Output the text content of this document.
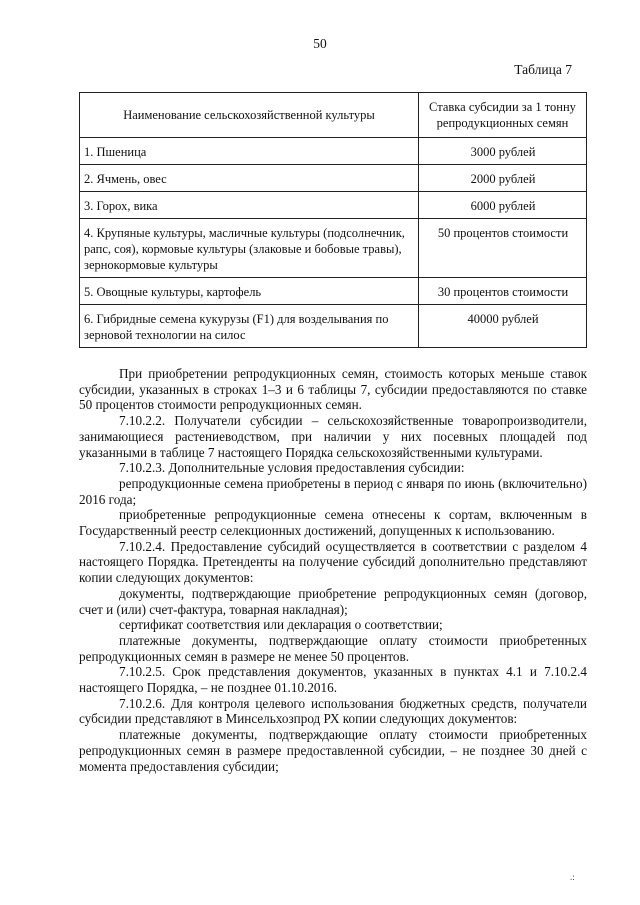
50
Таблица 7
Наименование сельскохозяйственной культуры	Ставка субсидии за 1 тонну репродукционных семян
1. Пшеница	3000 рублей
2. Ячмень, овес	2000 рублей
3. Горох, вика	6000 рублей
4. Крупяные культуры, масличные культуры (подсолнечник, рапс, соя), кормовые культуры (злаковые и бобовые травы), зернокормовые культуры	50 процентов стоимости
5. Овощные культуры, картофель	30 процентов стоимости
6. Гибридные семена кукурузы (F1) для возделывания по зерновой технологии на силос	40000 рублей

При приобретении репродукционных семян, стоимость которых меньше ставок субсидии, указанных в строках 1–3 и 6 таблицы 7, субсидии предоставляются по ставке 50 процентов стоимости репродукционных семян.

7.10.2.2. Получатели субсидии – сельскохозяйственные товаропроизводители, занимающиеся растениеводством, при наличии у них посевных площадей под указанными в таблице 7 настоящего Порядка сельскохозяйственными культурами.

7.10.2.3. Дополнительные условия предоставления субсидии:

репродукционные семена приобретены в период с января по июнь (включительно) 2016 года;

приобретенные репродукционные семена отнесены к сортам, включенным в Государственный реестр селекционных достижений, допущенных к использованию.

7.10.2.4. Предоставление субсидий осуществляется в соответствии с разделом 4 настоящего Порядка. Претенденты на получение субсидий дополнительно представляют копии следующих документов:

документы, подтверждающие приобретение репродукционных семян (договор, счет и (или) счет-фактура, товарная накладная);

сертификат соответствия или декларация о соответствии;

платежные документы, подтверждающие оплату стоимости приобретенных репродукционных семян в размере не менее 50 процентов.

7.10.2.5. Срок представления документов, указанных в пунктах 4.1 и 7.10.2.4 настоящего Порядка, – не позднее 01.10.2016.

7.10.2.6. Для контроля целевого использования бюджетных средств, получатели субсидии представляют в Минсельхозпрод РХ копии следующих документов:

платежные документы, подтверждающие оплату стоимости приобретенных репродукционных семян в размере предоставленной субсидии, – не позднее 30 дней с момента предоставления субсидии;

.:
